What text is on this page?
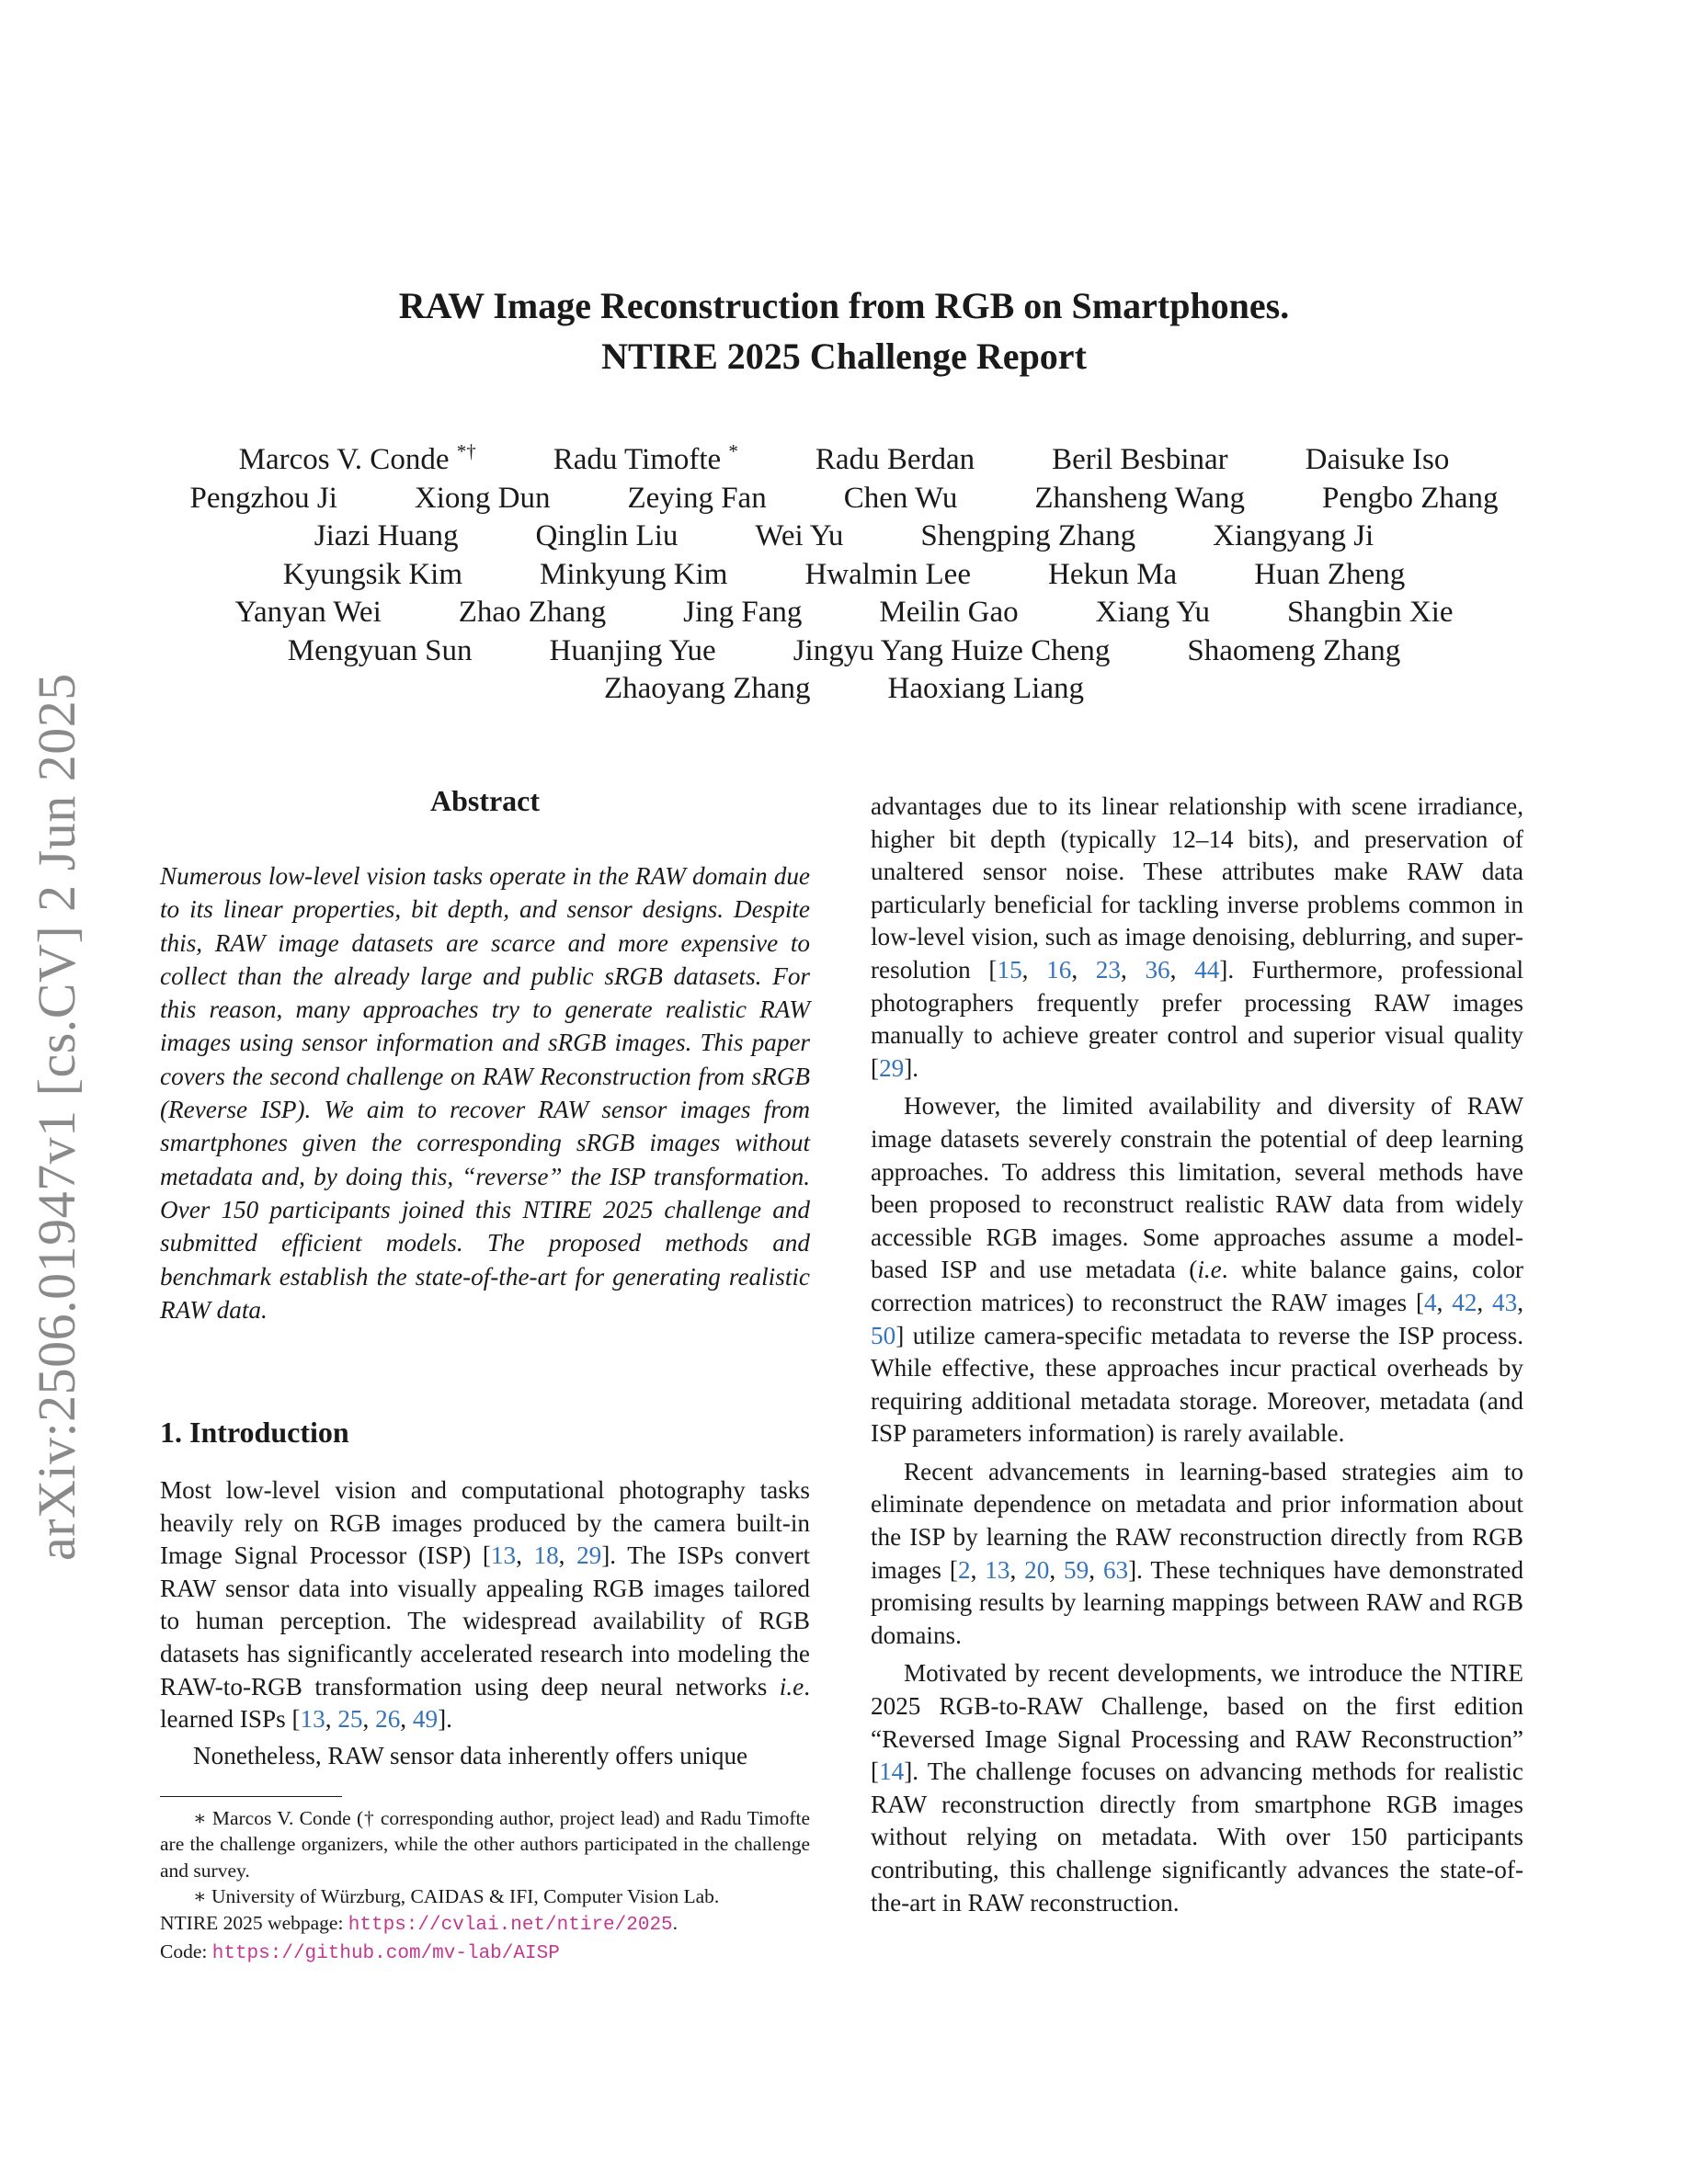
arXiv:2506.01947v1 [cs.CV] 2 Jun 2025
RAW Image Reconstruction from RGB on Smartphones.
NTIRE 2025 Challenge Report
Marcos V. Conde *†	Radu Timofte *	Radu Berdan	Beril Besbinar	Daisuke Iso
Pengzhou Ji	Xiong Dun	Zeying Fan	Chen Wu	Zhansheng Wang	Pengbo Zhang
Jiazi Huang	Qinglin Liu	Wei Yu	Shengping Zhang	Xiangyang Ji
Kyungsik Kim	Minkyung Kim	Hwalmin Lee	Hekun Ma	Huan Zheng
Yanyan Wei	Zhao Zhang	Jing Fang	Meilin Gao	Xiang Yu	Shangbin Xie
Mengyuan Sun	Huanjing Yue	Jingyu Yang Huize Cheng	Shaomeng Zhang
Zhaoyang Zhang	Haoxiang Liang
Abstract
Numerous low-level vision tasks operate in the RAW domain due to its linear properties, bit depth, and sensor designs. Despite this, RAW image datasets are scarce and more expensive to collect than the already large and public sRGB datasets. For this reason, many approaches try to generate realistic RAW images using sensor information and sRGB images. This paper covers the second challenge on RAW Reconstruction from sRGB (Reverse ISP). We aim to recover RAW sensor images from smartphones given the corresponding sRGB images without metadata and, by doing this, “reverse” the ISP transformation. Over 150 participants joined this NTIRE 2025 challenge and submitted efficient models. The proposed methods and benchmark establish the state-of-the-art for generating realistic RAW data.
1. Introduction

Most low-level vision and computational photography tasks heavily rely on RGB images produced by the camera built-in Image Signal Processor (ISP) [13, 18, 29]. The ISPs convert RAW sensor data into visually appealing RGB images tailored to human perception. The widespread availability of RGB datasets has significantly accelerated research into modeling the RAW-to-RGB transformation using deep neural networks i.e. learned ISPs [13, 25, 26, 49].

Nonetheless, RAW sensor data inherently offers unique

∗ Marcos V. Conde († corresponding author, project lead) and Radu Timofte are the challenge organizers, while the other authors participated in the challenge and survey.

∗ University of Würzburg, CAIDAS & IFI, Computer Vision Lab.

NTIRE 2025 webpage: https://cvlai.net/ntire/2025.

Code: https://github.com/mv-lab/AISP

advantages due to its linear relationship with scene irradiance, higher bit depth (typically 12–14 bits), and preservation of unaltered sensor noise. These attributes make RAW data particularly beneficial for tackling inverse problems common in low-level vision, such as image denoising, deblurring, and super-resolution [15, 16, 23, 36, 44]. Furthermore, professional photographers frequently prefer processing RAW images manually to achieve greater control and superior visual quality [29].

However, the limited availability and diversity of RAW image datasets severely constrain the potential of deep learning approaches. To address this limitation, several methods have been proposed to reconstruct realistic RAW data from widely accessible RGB images. Some approaches assume a model-based ISP and use metadata (i.e. white balance gains, color correction matrices) to reconstruct the RAW images [4, 42, 43, 50] utilize camera-specific metadata to reverse the ISP process. While effective, these approaches incur practical overheads by requiring additional metadata storage. Moreover, metadata (and ISP parameters information) is rarely available.

Recent advancements in learning-based strategies aim to eliminate dependence on metadata and prior information about the ISP by learning the RAW reconstruction directly from RGB images [2, 13, 20, 59, 63]. These techniques have demonstrated promising results by learning mappings between RAW and RGB domains.

Motivated by recent developments, we introduce the NTIRE 2025 RGB-to-RAW Challenge, based on the first edition “Reversed Image Signal Processing and RAW Reconstruction” [14]. The challenge focuses on advancing methods for realistic RAW reconstruction directly from smartphone RGB images without relying on metadata. With over 150 participants contributing, this challenge significantly advances the state-of-the-art in RAW reconstruction.
